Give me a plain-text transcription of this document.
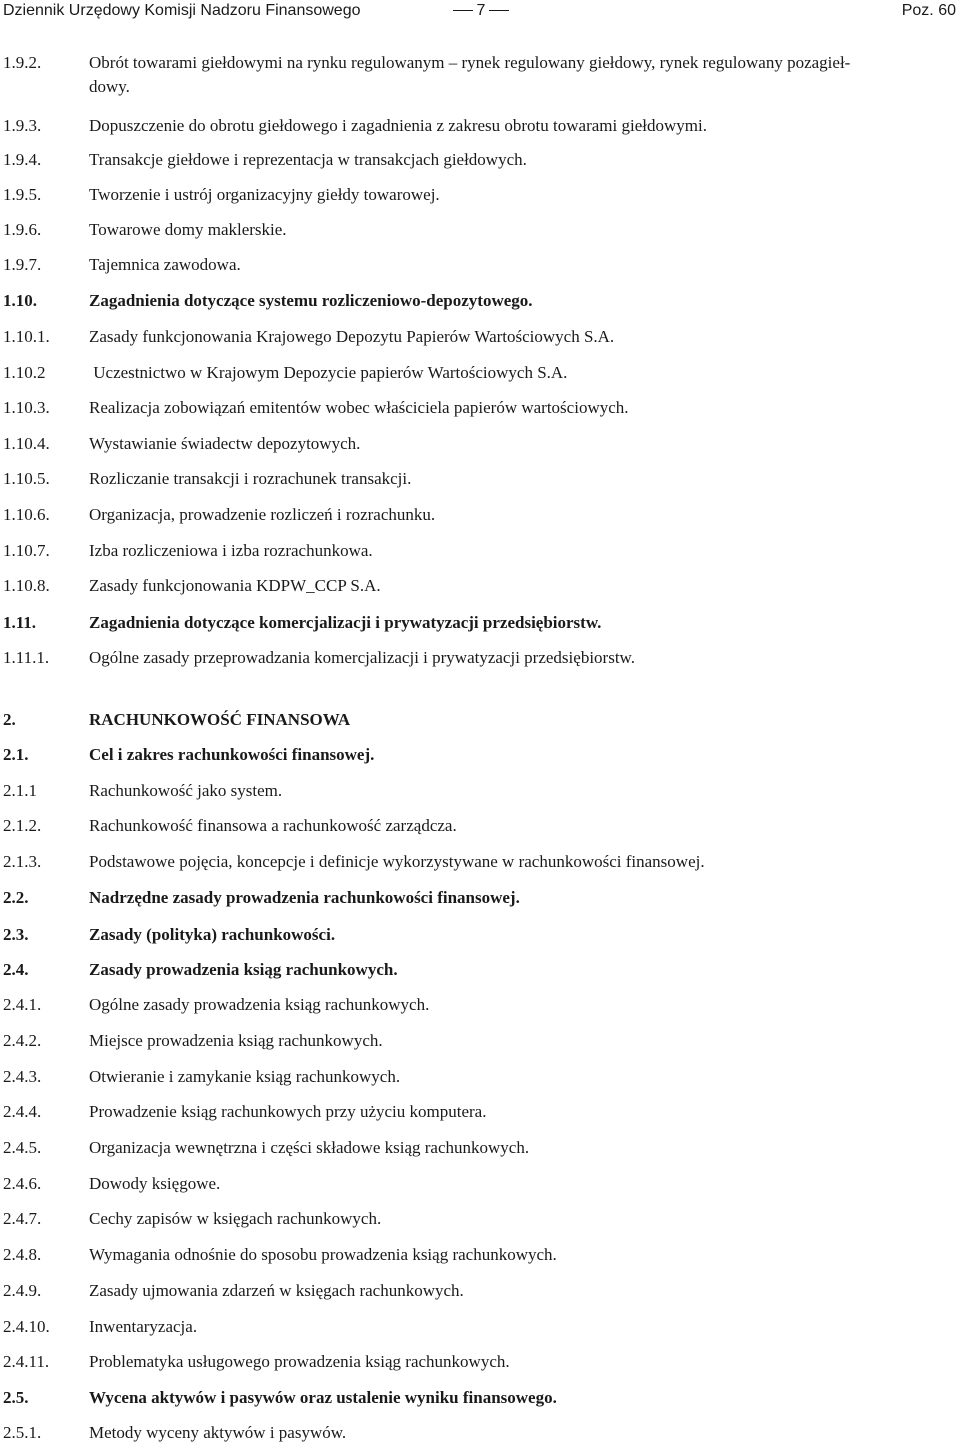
Dziennik Urzędowy Komisji Nadzoru Finansowego	7	Poz. 60
1.9.2.	Obrót towarami giełdowymi na rynku regulowanym – rynek regulowany giełdowy, rynek regulowany pozagieł-
dowy.
1.9.3.	Dopuszczenie do obrotu giełdowego i zagadnienia z zakresu obrotu towarami giełdowymi.
1.9.4.	Transakcje giełdowe i reprezentacja w transakcjach giełdowych.
1.9.5.	Tworzenie i ustrój organizacyjny giełdy towarowej.
1.9.6.	Towarowe domy maklerskie.
1.9.7.	Tajemnica zawodowa.
1.10.	Zagadnienia dotyczące systemu rozliczeniowo-depozytowego.
1.10.1. Zasady funkcjonowania Krajowego Depozytu Papierów Wartościowych S.A.
1.10.2	Uczestnictwo w Krajowym Depozycie papierów Wartościowych S.A.
1.10.3. Realizacja zobowiązań emitentów wobec właściciela papierów wartościowych.
1.10.4. Wystawianie świadectw depozytowych.
1.10.5. Rozliczanie transakcji i rozrachunek transakcji.
1.10.6. Organizacja, prowadzenie rozliczeń i rozrachunku.
1.10.7. Izba rozliczeniowa i izba rozrachunkowa.
1.10.8. Zasady funkcjonowania KDPW_CCP S.A.
1.11.	Zagadnienia dotyczące komercjalizacji i prywatyzacji przedsiębiorstw.
1.11.1. Ogólne zasady przeprowadzania komercjalizacji i prywatyzacji przedsiębiorstw.
2.	RACHUNKOWOŚĆ FINANSOWA
2.1.	Cel i zakres rachunkowości finansowej.
2.1.1	Rachunkowość jako system.
2.1.2.	Rachunkowość finansowa a rachunkowość zarządcza.
2.1.3.	Podstawowe pojęcia, koncepcje i definicje wykorzystywane w rachunkowości finansowej.
2.2.	Nadrzędne zasady prowadzenia rachunkowości finansowej.
2.3.	Zasady (polityka) rachunkowości.
2.4.	Zasady prowadzenia ksiąg rachunkowych.
2.4.1.	Ogólne zasady prowadzenia ksiąg rachunkowych.
2.4.2.	Miejsce prowadzenia ksiąg rachunkowych.
2.4.3.	Otwieranie i zamykanie ksiąg rachunkowych.
2.4.4.	Prowadzenie ksiąg rachunkowych przy użyciu komputera.
2.4.5.	Organizacja wewnętrzna i części składowe ksiąg rachunkowych.
2.4.6.	Dowody księgowe.
2.4.7.	Cechy zapisów w księgach rachunkowych.
2.4.8.	Wymagania odnośnie do sposobu prowadzenia ksiąg rachunkowych.
2.4.9.	Zasady ujmowania zdarzeń w księgach rachunkowych.
2.4.10. Inwentaryzacja.
2.4.11. Problematyka usługowego prowadzenia ksiąg rachunkowych.
2.5.	Wycena aktywów i pasywów oraz ustalenie wyniku finansowego.
2.5.1.	Metody wyceny aktywów i pasywów.
